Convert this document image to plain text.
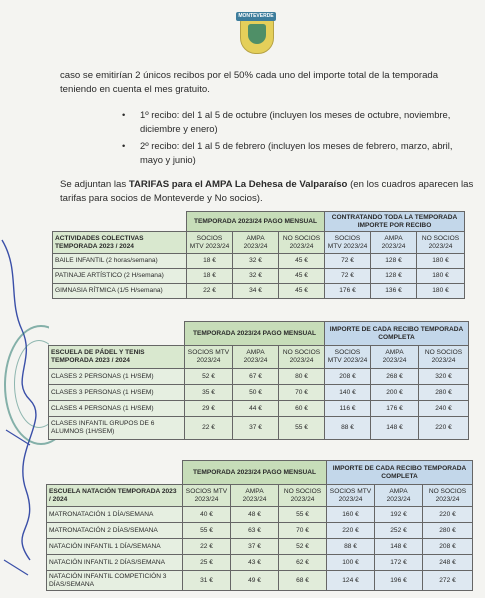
MONTEVERDE
caso se emitirían 2 únicos recibos por el 50% cada uno del importe total de la temporada teniendo en cuenta el mes gratuito.
• 1º recibo: del 1 al 5 de octubre (incluyen los meses de octubre, noviembre, diciembre y enero)
• 2º recibo: del 1 al 5 de febrero (incluyen los meses de febrero, marzo, abril, mayo y junio)
Se adjuntan las TARIFAS para el AMPA La Dehesa de Valparaíso (en los cuadros aparecen las tarifas para socios de Monteverde y No socios).
	TEMPORADA 2023/24 PAGO MENSUAL			CONTRATANDO TODA LA TEMPORADA IMPORTE POR RECIBO		
ACTIVIDADES COLECTIVAS TEMPORADA 2023 / 2024	SOCIOS MTV 2023/24	AMPA 2023/24	NO SOCIOS 2023/24	SOCIOS MTV 2023/24	AMPA 2023/24	NO SOCIOS 2023/24
BAILE INFANTIL (2 horas/semana)	18 €	32 €	45 €	72 €	128 €	180 €
PATINAJE ARTÍSTICO (2 H/semana)	18 €	32 €	45 €	72 €	128 €	180 €
GIMNASIA RÍTMICA (1/5 H/semana)	22 €	34 €	45 €	176 €	136 €	180 €
	TEMPORADA 2023/24 PAGO MENSUAL			IMPORTE DE CADA RECIBO TEMPORADA COMPLETA		
ESCUELA DE PÁDEL Y TENIS TEMPORADA 2023 / 2024	SOCIOS MTV 2023/24	AMPA 2023/24	NO SOCIOS 2023/24	SOCIOS MTV 2023/24	AMPA 2023/24	NO SOCIOS 2023/24
CLASES 2 PERSONAS (1 H/SEM)	52 €	67 €	80 €	208 €	268 €	320 €
CLASES 3 PERSONAS (1 H/SEM)	35 €	50 €	70 €	140 €	200 €	280 €
CLASES 4 PERSONAS (1 H/SEM)	29 €	44 €	60 €	116 €	176 €	240 €
CLASES INFANTIL GRUPOS DE 6 ALUMNOS (1H/SEM)	22 €	37 €	55 €	88 €	148 €	220 €
	TEMPORADA 2023/24 PAGO MENSUAL			IMPORTE DE CADA RECIBO TEMPORADA COMPLETA		
ESCUELA NATACIÓN TEMPORADA 2023 / 2024	SOCIOS MTV 2023/24	AMPA 2023/24	NO SOCIOS 2023/24	SOCIOS MTV 2023/24	AMPA 2023/24	NO SOCIOS 2023/24
MATRONATACIÓN 1 DÍA/SEMANA	40 €	48 €	55 €	160 €	192 €	220 €
MATRONATACIÓN 2 DÍAS/SEMANA	55 €	63 €	70 €	220 €	252 €	280 €
NATACIÓN INFANTIL 1 DÍA/SEMANA	22 €	37 €	52 €	88 €	148 €	208 €
NATACIÓN INFANTIL 2 DÍAS/SEMANA	25 €	43 €	62 €	100 €	172 €	248 €
NATACIÓN INFANTIL COMPETICIÓN 3 DÍAS/SEMANA	31 €	49 €	68 €	124 €	196 €	272 €
